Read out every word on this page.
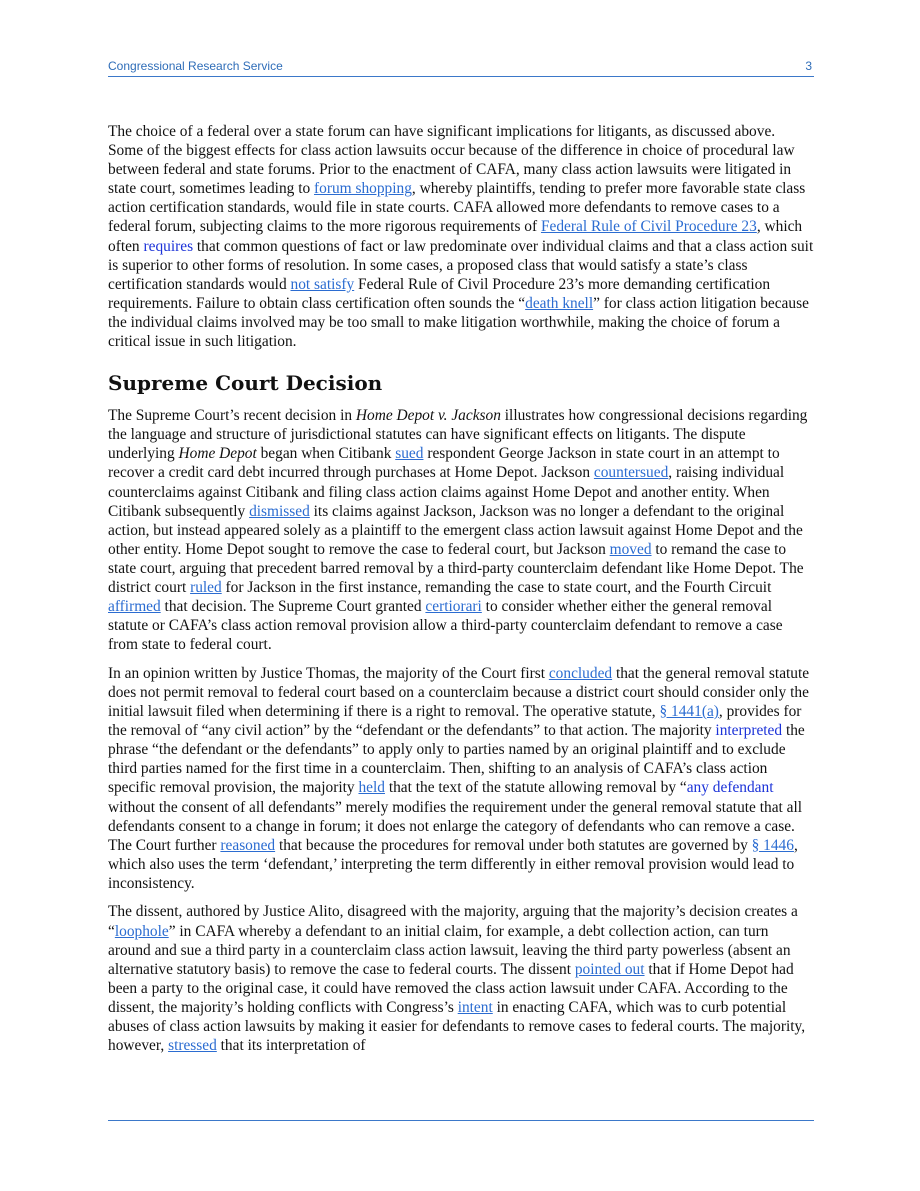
Congressional Research Service	3

The choice of a federal over a state forum can have significant implications for litigants, as discussed above. Some of the biggest effects for class action lawsuits occur because of the difference in choice of procedural law between federal and state forums. Prior to the enactment of CAFA, many class action lawsuits were litigated in state court, sometimes leading to forum shopping, whereby plaintiffs, tending to prefer more favorable state class action certification standards, would file in state courts. CAFA allowed more defendants to remove cases to a federal forum, subjecting claims to the more rigorous requirements of Federal Rule of Civil Procedure 23, which often requires that common questions of fact or law predominate over individual claims and that a class action suit is superior to other forms of resolution. In some cases, a proposed class that would satisfy a state’s class certification standards would not satisfy Federal Rule of Civil Procedure 23’s more demanding certification requirements. Failure to obtain class certification often sounds the “death knell” for class action litigation because the individual claims involved may be too small to make litigation worthwhile, making the choice of forum a critical issue in such litigation.

Supreme Court Decision

The Supreme Court’s recent decision in Home Depot v. Jackson illustrates how congressional decisions regarding the language and structure of jurisdictional statutes can have significant effects on litigants. The dispute underlying Home Depot began when Citibank sued respondent George Jackson in state court in an attempt to recover a credit card debt incurred through purchases at Home Depot. Jackson countersued, raising individual counterclaims against Citibank and filing class action claims against Home Depot and another entity. When Citibank subsequently dismissed its claims against Jackson, Jackson was no longer a defendant to the original action, but instead appeared solely as a plaintiff to the emergent class action lawsuit against Home Depot and the other entity. Home Depot sought to remove the case to federal court, but Jackson moved to remand the case to state court, arguing that precedent barred removal by a third-party counterclaim defendant like Home Depot. The district court ruled for Jackson in the first instance, remanding the case to state court, and the Fourth Circuit affirmed that decision. The Supreme Court granted certiorari to consider whether either the general removal statute or CAFA’s class action removal provision allow a third-party counterclaim defendant to remove a case from state to federal court.

In an opinion written by Justice Thomas, the majority of the Court first concluded that the general removal statute does not permit removal to federal court based on a counterclaim because a district court should consider only the initial lawsuit filed when determining if there is a right to removal. The operative statute, § 1441(a), provides for the removal of “any civil action” by the “defendant or the defendants” to that action. The majority interpreted the phrase “the defendant or the defendants” to apply only to parties named by an original plaintiff and to exclude third parties named for the first time in a counterclaim. Then, shifting to an analysis of CAFA’s class action specific removal provision, the majority held that the text of the statute allowing removal by “any defendant without the consent of all defendants” merely modifies the requirement under the general removal statute that all defendants consent to a change in forum; it does not enlarge the category of defendants who can remove a case. The Court further reasoned that because the procedures for removal under both statutes are governed by § 1446, which also uses the term ‘defendant,’ interpreting the term differently in either removal provision would lead to inconsistency.

The dissent, authored by Justice Alito, disagreed with the majority, arguing that the majority’s decision creates a “loophole” in CAFA whereby a defendant to an initial claim, for example, a debt collection action, can turn around and sue a third party in a counterclaim class action lawsuit, leaving the third party powerless (absent an alternative statutory basis) to remove the case to federal courts. The dissent pointed out that if Home Depot had been a party to the original case, it could have removed the class action lawsuit under CAFA. According to the dissent, the majority’s holding conflicts with Congress’s intent in enacting CAFA, which was to curb potential abuses of class action lawsuits by making it easier for defendants to remove cases to federal courts. The majority, however, stressed that its interpretation of
